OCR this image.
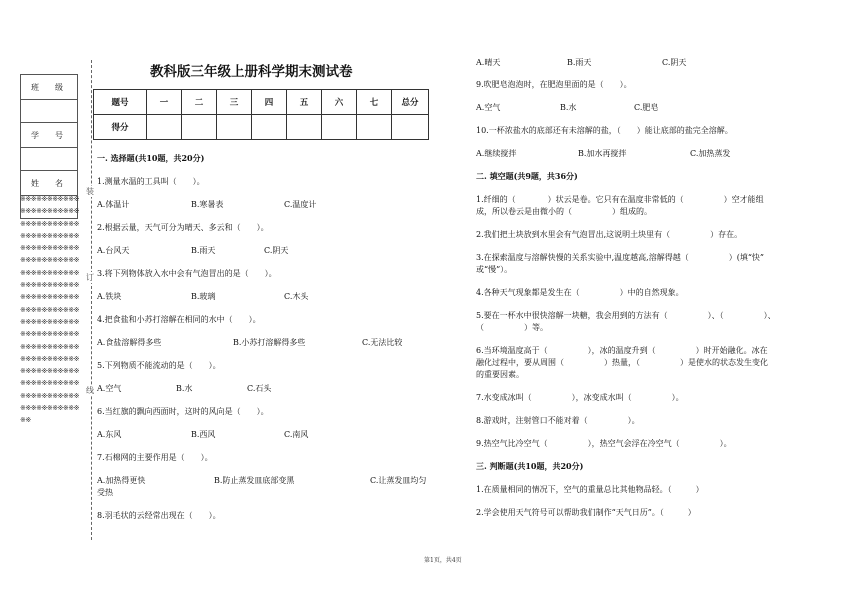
班　级
学　号
姓　名
※※※※※※※※※※※※※※※※※※※※※※※※※※※※※※※※※※※※※※※※※※※※※※※※※※※※※※※※※※※※※※※※※※※※※※※※※※※※※※※※※※※※※※※※※※※※※※※※※※※※※※※※※※※※※※※※※※※※※※※※※※※※※※※※※※※※※※※※※※※※※※※※※※※※※※※※※※※※※※※※※※※※※※※※※※※※※※※※※※※※※※※※※※※※※※※※※※※※※※※※
装
订
线
教科版三年级上册科学期末测试卷
题号	一	二	三	四	五	六	七	总分
得分								
一. 选择题(共10题，共20分)
1.测量水温的工具叫（　　）。
A.体温计	B.寒暑表	C.温度计
2.根据云量，天气可分为晴天、多云和（　　）。
A.台风天	B.雨天	C.阴天
3.将下列物体放入水中会有气泡冒出的是（　　）。
A.铁块	B.玻璃	C.木头
4.把食盐和小苏打溶解在相同的水中（　　）。
A.食盐溶解得多些	B.小苏打溶解得多些	C.无法比较
5.下列物质不能流动的是（　　）。
A.空气	B.水	C.石头
6.当红旗的飘向西面时，这时的风向是（　　）。
A.东风	B.西风	C.南风
7.石棉网的主要作用是（　　）。
A.加热得更快	B.防止蒸发皿底部变黑	C.让蒸发皿均匀
受热
8.羽毛状的云经常出现在（　　）。
A.晴天	B.雨天	C.阴天
9.吹肥皂泡泡时，在肥泡里面的是（　　）。
A.空气	B.水	C.肥皂
10.一杯浓盐水的底部还有未溶解的盐，（　　）能让底部的盐完全溶解。
A.继续搅拌	B.加水再搅拌	C.加热蒸发
二. 填空题(共9题，共36分)
1.纤细的（　　　　）状云是卷。它只有在温度非常低的（　　　　　）空才能组
成，所以卷云是由微小的（　　　　　）组成的。
2.我们把土块放到水里会有气泡冒出,这说明土块里有（　　　　　）存在。
3.在探索温度与溶解快慢的关系实验中,温度越高,溶解得越（　　　　　）(填“快”
或“慢”）。
4.各种天气现象都是发生在（　　　　　）中的自然现象。
5.要在一杯水中很快溶解一块糖，我会用到的方法有（　　　　　）、（　　　　　）、
（　　　　　）等。
6.当环境温度高于（　　　　　），冰的温度升到（　　　　　）时开始融化。冰在
融化过程中，要从周围（　　　　　）热量，（　　　　　）是使水的状态发生变化
的重要因素。
7.水变成冰叫（　　　　　），冰变成水叫（　　　　　）。
8.游戏时，注射管口不能对着（　　　　　）。
9.热空气比冷空气（　　　　　），热空气会浮在冷空气（　　　　　）。
三. 判断题(共10题，共20分)
1.在质量相同的情况下，空气的重量总比其他物品轻。（　　　）
2.学会使用天气符号可以帮助我们制作“天气日历”。（　　　）
第1页，共4页
